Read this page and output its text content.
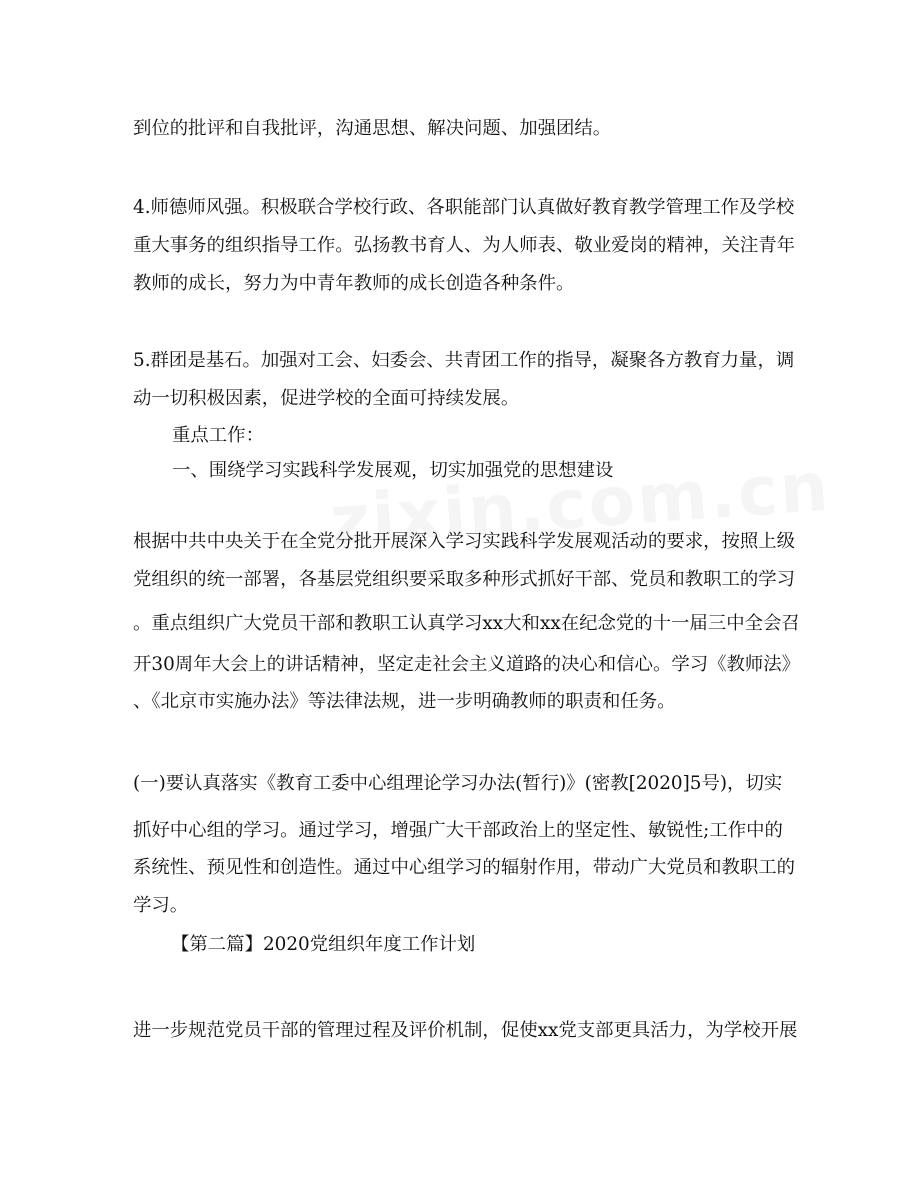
到位的批评和自我批评，沟通思想、解决问题、加强团结。
4.师德师风强。积极联合学校行政、各职能部门认真做好教育教学管理工作及学校
重大事务的组织指导工作。弘扬教书育人、为人师表、敬业爱岗的精神，关注青年
教师的成长，努力为中青年教师的成长创造各种条件。
5.群团是基石。加强对工会、妇委会、共青团工作的指导，凝聚各方教育力量，调
动一切积极因素，促进学校的全面可持续发展。
重点工作：
一、围绕学习实践科学发展观，切实加强党的思想建设
根据中共中央关于在全党分批开展深入学习实践科学发展观活动的要求，按照上级
党组织的统一部署，各基层党组织要采取多种形式抓好干部、党员和教职工的学习
。重点组织广大党员干部和教职工认真学习xx大和xx在纪念党的十一届三中全会召
开30周年大会上的讲话精神，坚定走社会主义道路的决心和信心。学习《教师法》
、《北京市实施办法》等法律法规，进一步明确教师的职责和任务。
(一)要认真落实《教育工委中心组理论学习办法(暂行)》(密教[2020]5号)，切实
抓好中心组的学习。通过学习，增强广大干部政治上的坚定性、敏锐性;工作中的
系统性、预见性和创造性。通过中心组学习的辐射作用，带动广大党员和教职工的
学习。
【第二篇】2020党组织年度工作计划
进一步规范党员干部的管理过程及评价机制，促使xx党支部更具活力，为学校开展
